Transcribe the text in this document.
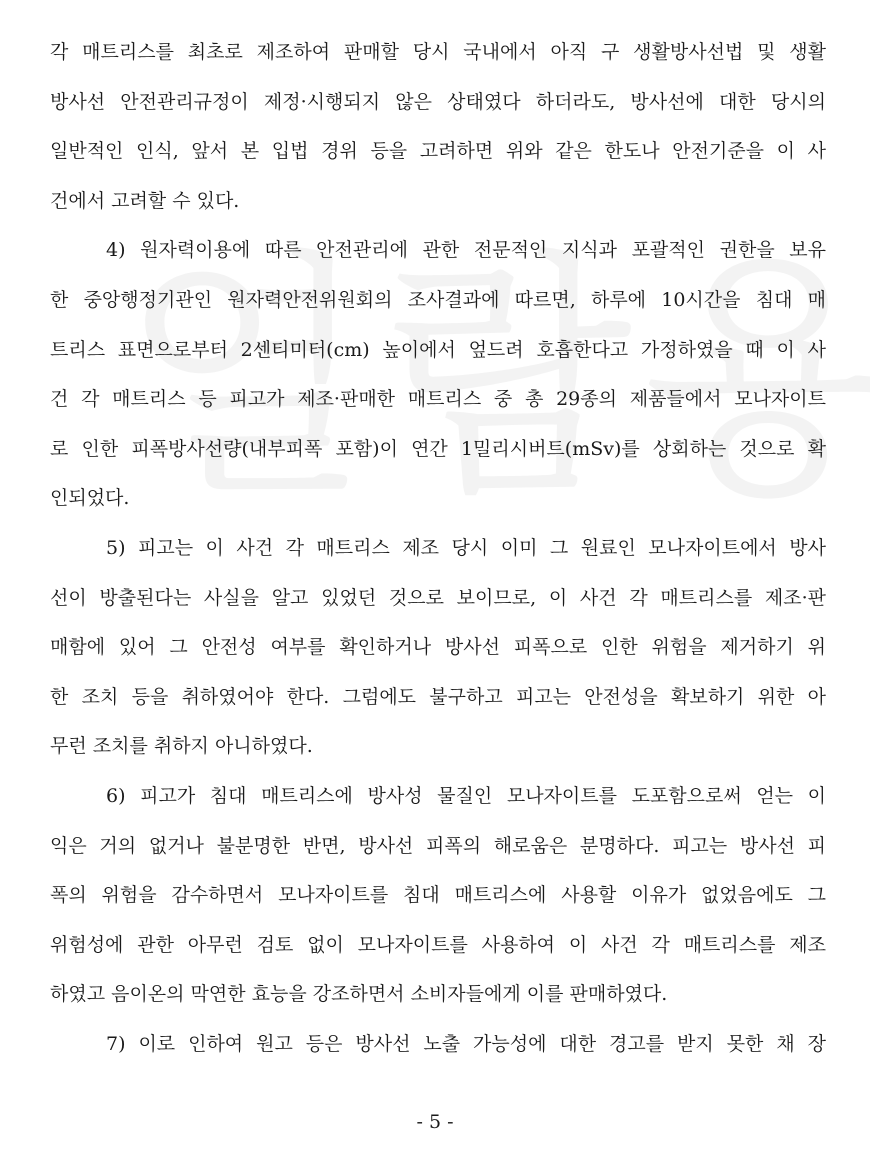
각 매트리스를 최초로 제조하여 판매할 당시 국내에서 아직 구 생활방사선법 및 생활
방사선 안전관리규정이 제정·시행되지 않은 상태였다 하더라도, 방사선에 대한 당시의
일반적인 인식, 앞서 본 입법 경위 등을 고려하면 위와 같은 한도나 안전기준을 이 사
건에서 고려할 수 있다.
4) 원자력이용에 따른 안전관리에 관한 전문적인 지식과 포괄적인 권한을 보유
한 중앙행정기관인 원자력안전위원회의 조사결과에 따르면, 하루에 10시간을 침대 매
트리스 표면으로부터 2센티미터(cm) 높이에서 엎드려 호흡한다고 가정하였을 때 이 사
건 각 매트리스 등 피고가 제조·판매한 매트리스 중 총 29종의 제품들에서 모나자이트
로 인한 피폭방사선량(내부피폭 포함)이 연간 1밀리시버트(mSv)를 상회하는 것으로 확
인되었다.
5) 피고는 이 사건 각 매트리스 제조 당시 이미 그 원료인 모나자이트에서 방사
선이 방출된다는 사실을 알고 있었던 것으로 보이므로, 이 사건 각 매트리스를 제조·판
매함에 있어 그 안전성 여부를 확인하거나 방사선 피폭으로 인한 위험을 제거하기 위
한 조치 등을 취하였어야 한다. 그럼에도 불구하고 피고는 안전성을 확보하기 위한 아
무런 조치를 취하지 아니하였다.
6) 피고가 침대 매트리스에 방사성 물질인 모나자이트를 도포함으로써 얻는 이
익은 거의 없거나 불분명한 반면, 방사선 피폭의 해로움은 분명하다. 피고는 방사선 피
폭의 위험을 감수하면서 모나자이트를 침대 매트리스에 사용할 이유가 없었음에도 그
위험성에 관한 아무런 검토 없이 모나자이트를 사용하여 이 사건 각 매트리스를 제조
하였고 음이온의 막연한 효능을 강조하면서 소비자들에게 이를 판매하였다.
7) 이로 인하여 원고 등은 방사선 노출 가능성에 대한 경고를 받지 못한 채 장
- 5 -
